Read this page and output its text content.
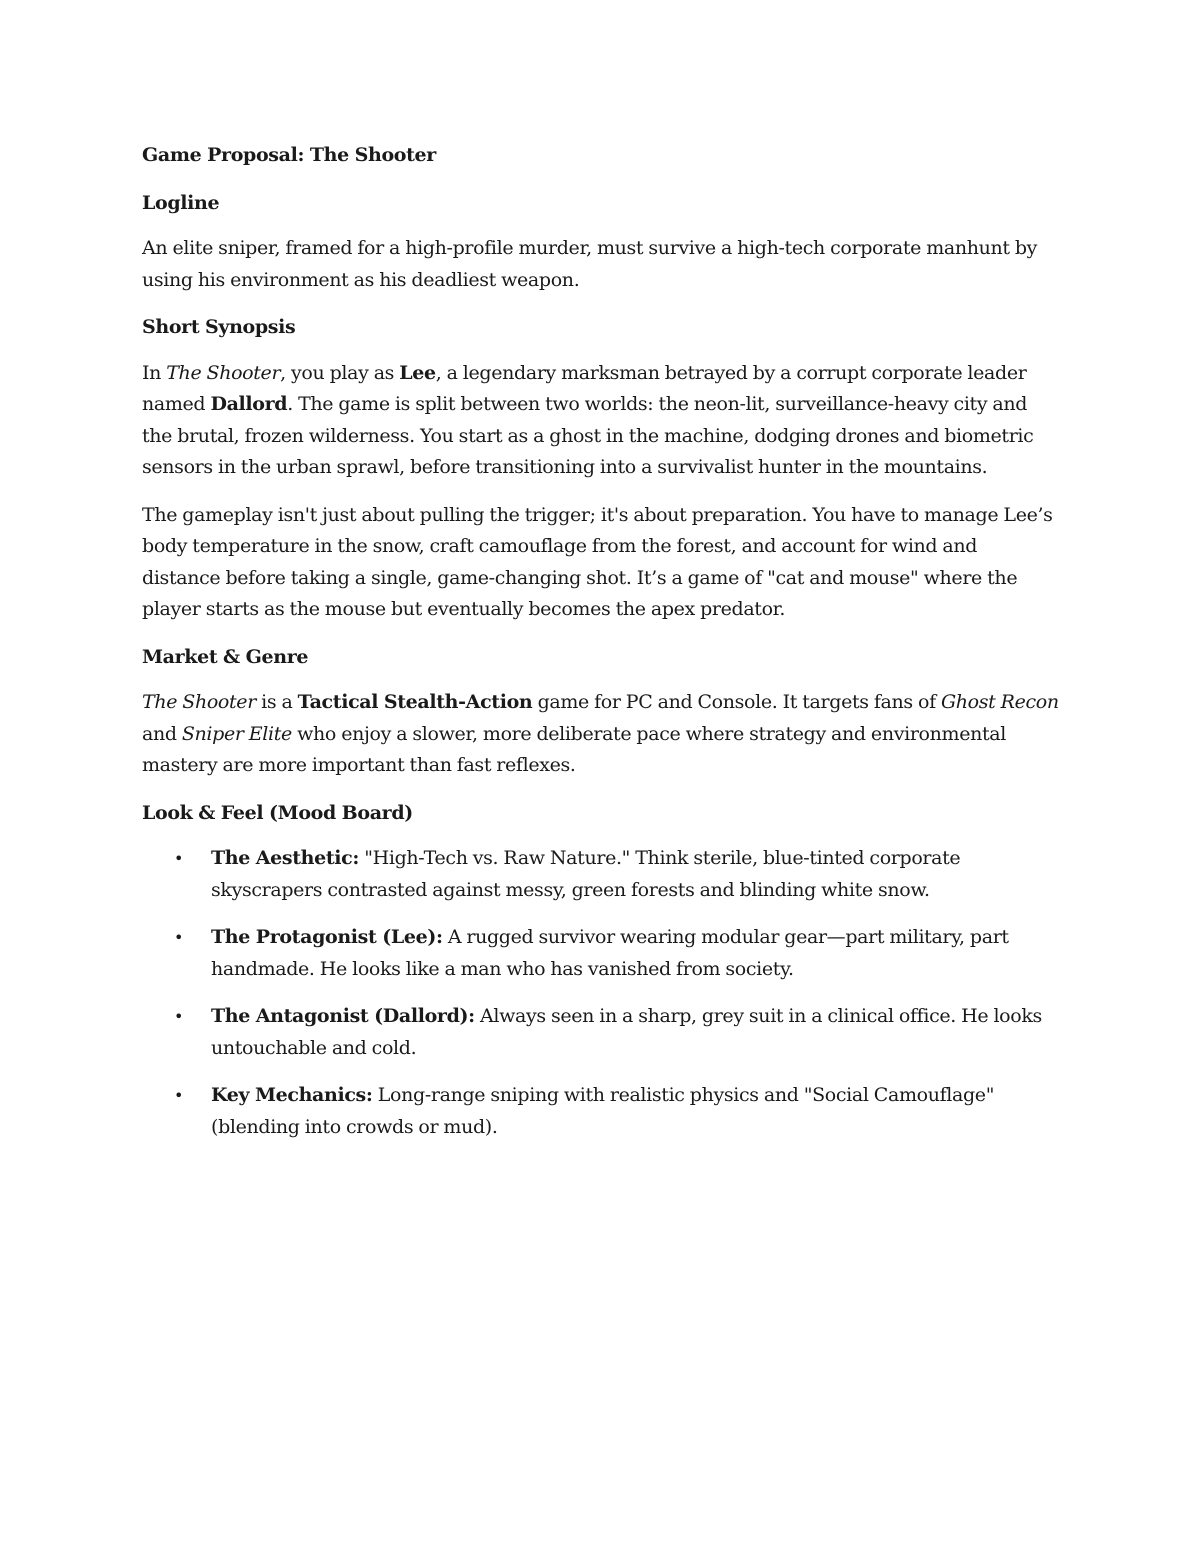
Game Proposal: The Shooter
Logline

An elite sniper, framed for a high-profile murder, must survive a high-tech corporate manhunt by using his environment as his deadliest weapon.

Short Synopsis

In The Shooter, you play as Lee, a legendary marksman betrayed by a corrupt corporate leader named Dallord. The game is split between two worlds: the neon-lit, surveillance-heavy city and the brutal, frozen wilderness. You start as a ghost in the machine, dodging drones and biometric sensors in the urban sprawl, before transitioning into a survivalist hunter in the mountains.

The gameplay isn't just about pulling the trigger; it's about preparation. You have to manage Lee’s body temperature in the snow, craft camouflage from the forest, and account for wind and distance before taking a single, game-changing shot. It’s a game of "cat and mouse" where the player starts as the mouse but eventually becomes the apex predator.

Market & Genre

The Shooter is a Tactical Stealth-Action game for PC and Console. It targets fans of Ghost Recon and Sniper Elite who enjoy a slower, more deliberate pace where strategy and environmental mastery are more important than fast reflexes.

Look & Feel (Mood Board)
• The Aesthetic: "High-Tech vs. Raw Nature." Think sterile, blue-tinted corporate skyscrapers contrasted against messy, green forests and blinding white snow.
• The Protagonist (Lee): A rugged survivor wearing modular gear—part military, part handmade. He looks like a man who has vanished from society.
• The Antagonist (Dallord): Always seen in a sharp, grey suit in a clinical office. He looks untouchable and cold.
• Key Mechanics: Long-range sniping with realistic physics and "Social Camouflage" (blending into crowds or mud).
